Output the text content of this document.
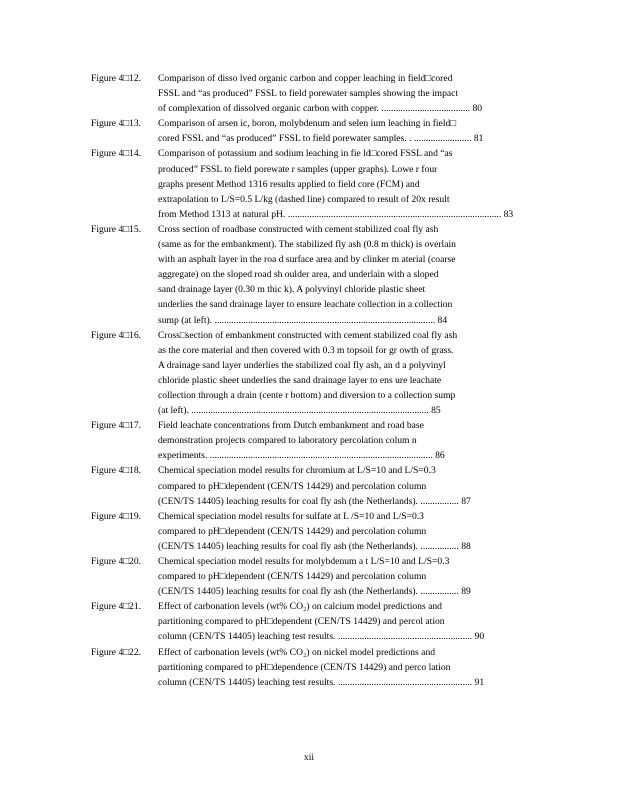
Figure 4□12.	Comparison of disso lved organic carbon and copper leaching in field□cored
FSSL and “as produced” FSSL to field porewater samples showing the impact
of complexation of dissolved organic carbon with copper. ..................................... 80
Figure 4□13.	Comparison of arsen ic, boron, molybdenum and selen ium leaching in field□
cored FSSL and “as produced” FSSL to field porewater samples. . ........................ 81
Figure 4□14.	Comparison of potassium and sodium leaching in fie ld□cored FSSL and “as
produced” FSSL to field porewate r samples (upper graphs). Lowe r four
graphs present Method 1316 results applied to field core (FCM) and
extrapolation to L/S=0.5 L/kg (dashed line) compared to result of 20x result
from Method 1313 at natural pH. ......................................................................................... 83
Figure 4□15.	Cross section of roadbase constructed with cement stabilized coal fly ash
(same as for the embankment). The stabilized fly ash (0.8 m thick) is overlain
with an asphalt layer in the roa d surface area and by clinker m aterial (coarse
aggregate) on the sloped road sh oulder area, and underlain with a sloped
sand drainage layer (0.30 m thic k). A polyvinyl chloride plastic sheet
underlies the sand drainage layer to ensure leachate collection in a collection
sump (at left). ............................................................................................ 84
Figure 4□16.	Cross□section of embankment constructed with cement stabilized coal fly ash
as the core material and then covered with 0.3 m topsoil for gr owth of grass.
A drainage sand layer underlies the stabilized coal fly ash, an d a polyvinyl
chloride plastic sheet underlies the sand drainage layer to ens ure leachate
collection through a drain (cente r bottom) and diversion to a collection sump
(at left). ................................................................................................... 85
Figure 4□17.	Field leachate concentrations from Dutch embankment and road base
demonstration projects compared to laboratory percolation colum n
experiments. ............................................................................................. 86
Figure 4□18.	Chemical speciation model results for chromium at L/S=10 and L/S=0.3
compared to pH□dependent (CEN/TS 14429) and percolation column
(CEN/TS 14405) leaching results for coal fly ash (the Netherlands). ................ 87
Figure 4□19.	Chemical speciation model results for sulfate at L /S=10 and L/S=0.3
compared to pH□dependent (CEN/TS 14429) and percolation column
(CEN/TS 14405) leaching results for coal fly ash (the Netherlands). ................ 88
Figure 4□20.	Chemical speciation model results for molybdenum a t L/S=10 and L/S=0.3
compared to pH□dependent (CEN/TS 14429) and percolation column
(CEN/TS 14405) leaching results for coal fly ash (the Netherlands). ................ 89
Figure 4□21.	Effect of carbonation levels (wt% CO₂) on calcium model predictions and
partitioning compared to pH□dependent (CEN/TS 14429) and percol ation
column (CEN/TS 14405) leaching test results. ........................................................ 90
Figure 4□22.	Effect of carbonation levels (wt% CO₂) on nickel model predictions and
partitioning compared to pH□dependence (CEN/TS 14429) and perco lation
column (CEN/TS 14405) leaching test results. ........................................................ 91
xii
